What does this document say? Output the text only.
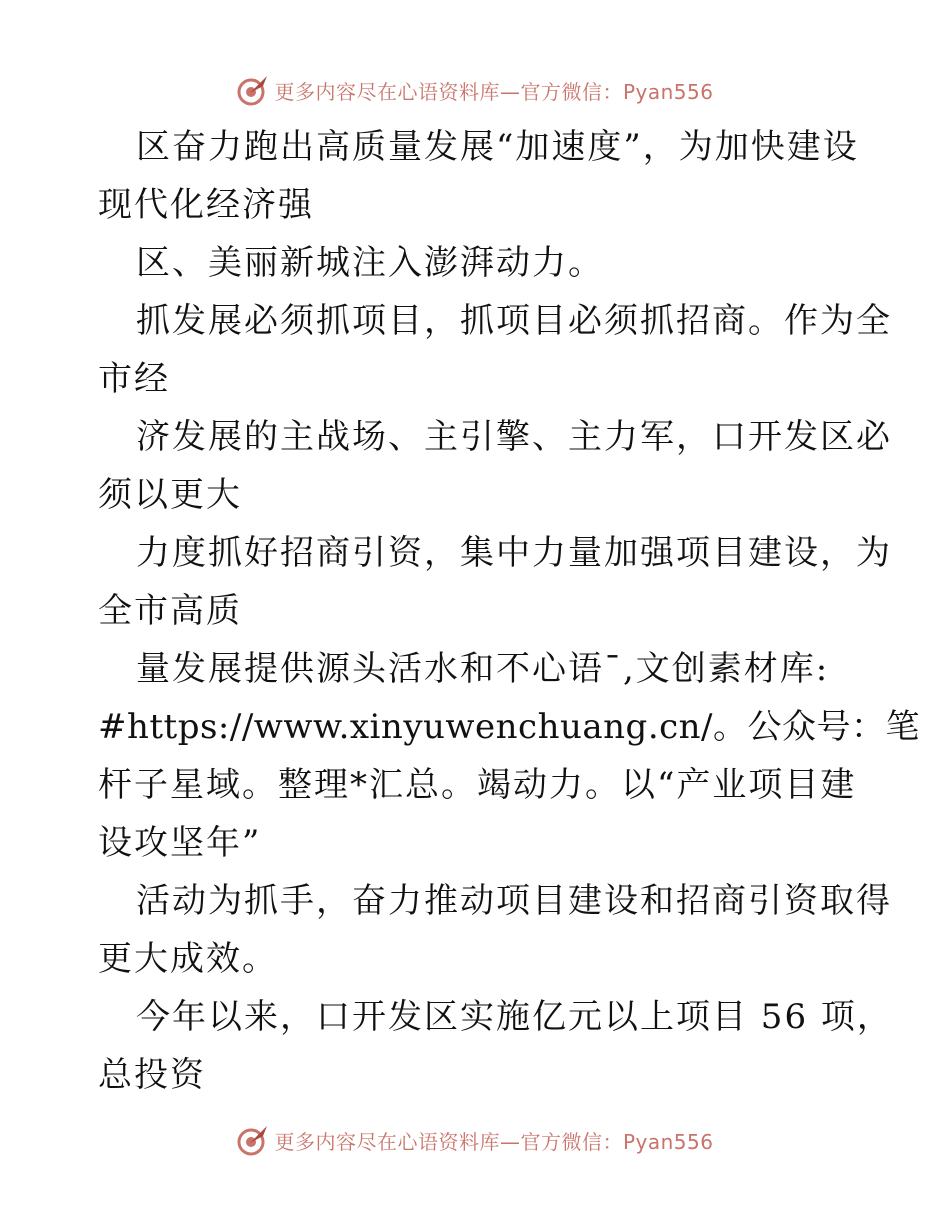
更多内容尽在心语资料库—官方微信：Pyan556
区奋力跑出高质量发展“加速度”，为加快建设
现代化经济强
区、美丽新城注入澎湃动力。
抓发展必须抓项目，抓项目必须抓招商。作为全
市经
济发展的主战场、主引擎、主力军，口开发区必
须以更大
力度抓好招商引资，集中力量加强项目建设，为
全市高质
量发展提供源头活水和不心语¯,文创素材库:
#https://www.xinyuwenchuang.cn/。公众号：笔
杆子星域。整理*汇总。竭动力。以“产业项目建
设攻坚年”
活动为抓手，奋力推动项目建设和招商引资取得
更大成效。
今年以来，口开发区实施亿元以上项目 56 项，
总投资
更多内容尽在心语资料库—官方微信：Pyan556
